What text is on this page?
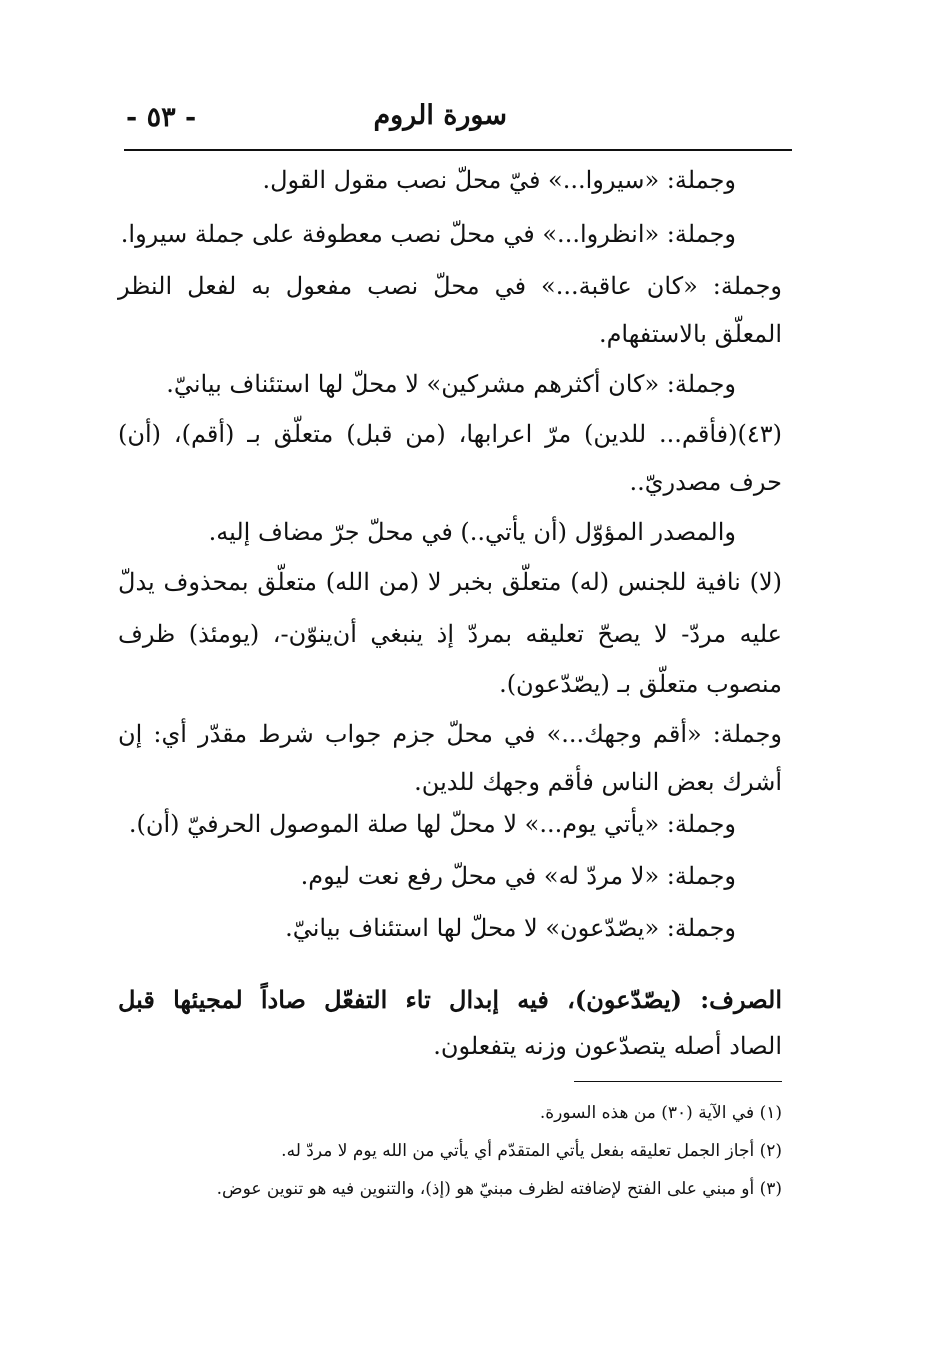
سورة الروم
- ٥٣ -
وجملة: «سيروا...» فيّ محلّ نصب مقول القول.
وجملة: «انظروا...» في محلّ نصب معطوفة على جملة سيروا.
وجملة: «كان عاقبة...» في محلّ نصب مفعول به لفعل النظر
المعلّق بالاستفهام.
وجملة: «كان أكثرهم مشركين» لا محلّ لها استئناف بيانيّ.
(٤٣)(فأقم... للدين) مرّ اعرابها، (من قبل) متعلّق بـ (أقم)، (أن)
حرف مصدريّ..
والمصدر المؤوّل (أن يأتي..) في محلّ جرّ مضاف إليه.
(لا) نافية للجنس (له) متعلّق بخبر لا (من الله) متعلّق بمحذوف يدلّ
عليه مردّ- لا يصحّ تعليقه بمردّ إذ ينبغي أن‌ينوّن-، (يومئذ) ظرف
منصوب متعلّق بـ (يصّدّعون).
وجملة: «أقم وجهك...» في محلّ جزم جواب شرط مقدّر أي: إن
أشرك بعض الناس فأقم وجهك للدين.
وجملة: «يأتي يوم...» لا محلّ لها صلة الموصول الحرفيّ (أن).
وجملة: «لا مردّ له» في محلّ رفع نعت ليوم.
وجملة: «يصّدّعون» لا محلّ لها استئناف بيانيّ.
الصرف: (يصّدّعون)، فيه إبدال تاء التفعّل صاداً لمجيئها قبل
الصاد أصله يتصدّعون وزنه يتفعلون.
(١) في الآية (٣٠) من هذه السورة.
(٢) أجاز الجمل تعليقه بفعل يأتي المتقدّم أي يأتي من الله يوم لا مردّ له.
(٣) أو مبني على الفتح لإضافته لظرف مبنيّ هو (إذ)، والتنوين فيه هو تنوين عوض.
